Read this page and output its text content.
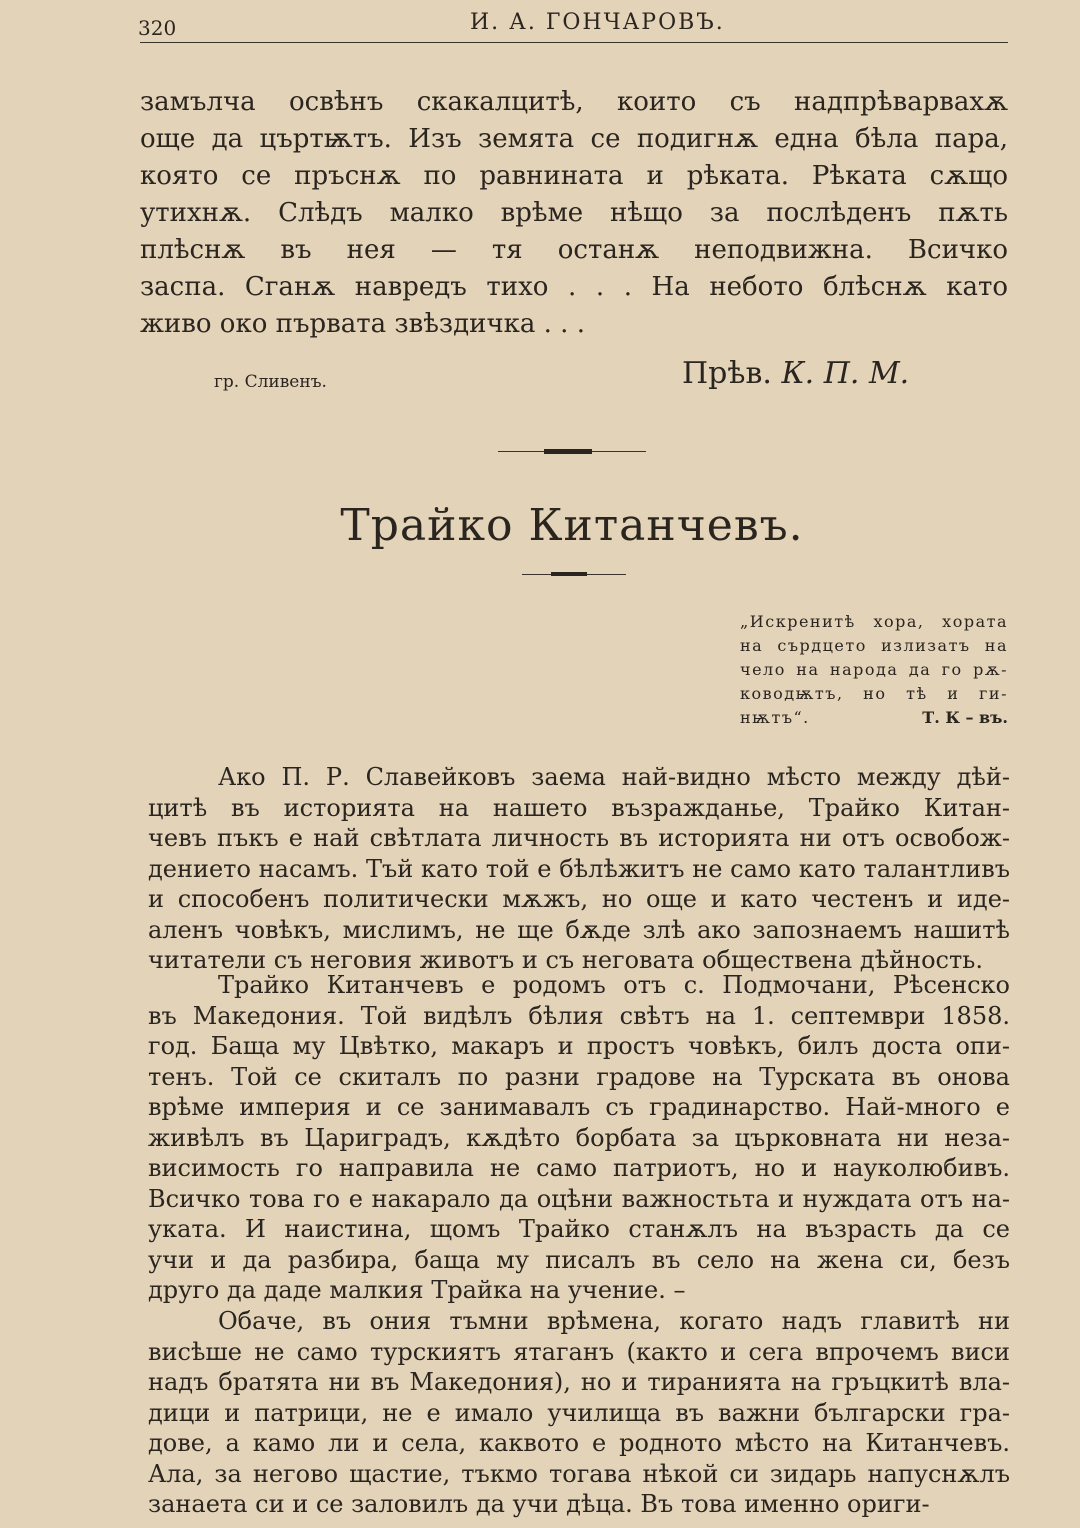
320	И. А. ГОНЧАРОВЪ.
замълча освѣнъ скакалцитѣ, които съ надпрѣварвахѫ
още да църтѭтъ. Изъ земята се подигнѫ една бѣла пара,
която се пръснѫ по равнината и рѣката. Рѣката сѫщо
утихнѫ. Слѣдъ малко врѣме нѣщо за послѣденъ пѫть
плѣснѫ въ нея — тя останѫ неподвижна. Всичко
заспа. Сганѫ навредъ тихо . . . На небото блѣснѫ като
живо око първата звѣздичка . . .
гр. Сливенъ.	Прѣв. К. П. М.
Трайко Китанчевъ.
„Искренитѣ хора, хората
на сърдцето излизатъ на
чело на народа да го рѫ-
ководѭтъ, но тѣ и ги-
нѭтъ“.	Т. К – въ.
Ако П. Р. Славейковъ заема най-видно мѣсто между дѣй-
цитѣ въ историята на нашето възражданье, Трайко Китан-
чевъ пъкъ е най свѣтлата личность въ историята ни отъ освобож-
дението насамъ. Тъй като той е бѣлѣжитъ не само като талантливъ
и способенъ политически мѫжъ, но още и като честенъ и иде-
аленъ човѣкъ, мислимъ, не ще бѫде злѣ ако запознаемъ нашитѣ
читатели съ неговия животъ и съ неговата обществена дѣйность.
Трайко Китанчевъ е родомъ отъ с. Подмочани, Рѣсенско
въ Македония. Той видѣлъ бѣлия свѣтъ на 1. септемвpи 1858.
год. Баща му Цвѣтко, макаръ и простъ човѣкъ, билъ доста опи-
тенъ. Той се скиталъ по разни градове на Турската въ онова
врѣме империя и се занимавалъ съ градинарство. Най-много е
живѣлъ въ Цариградъ, кѫдѣто борбата за църковната ни неза-
висимость го направила не само патриотъ, но и науколюбивъ.
Всичко това го е накарало да оцѣни важностьта и нуждата отъ на-
уката. И наистина, щомъ Трайко станѫлъ на възрасть да се
учи и да разбира, баща му писалъ въ село на жена си, безъ
друго да даде малкия Трайка на учение. –
Обаче, въ ония тъмни врѣмена, когато надъ главитѣ ни
висѣше не само турскиятъ ятаганъ (както и сега впрочемъ виси
надъ братята ни въ Македония), но и тиранията на гръцкитѣ вла-
дици и патрици, не е имало училища въ важни български гра-
дове, а камо ли и села, каквото е родното мѣсто на Китанчевъ.
Ала, за негово щастие, тъкмо тогава нѣкой си зидарь напуснѫлъ
занаета си и се заловилъ да учи дѣца. Въ това именно ориги-
